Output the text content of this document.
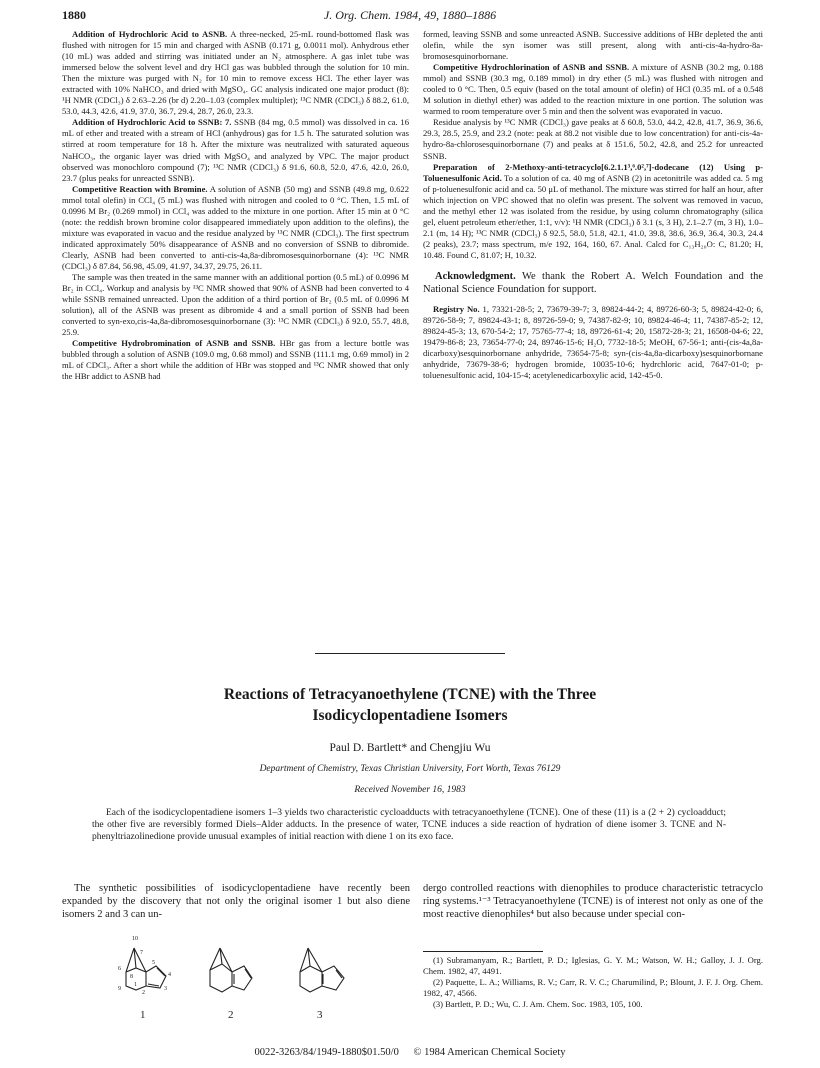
1880	J. Org. Chem. 1984, 49, 1880–1886

Addition of Hydrochloric Acid to ASNB. A three-necked, 25-mL round-bottomed flask was flushed with nitrogen for 15 min and charged with ASNB (0.171 g, 0.0011 mol). Anhydrous ether (10 mL) was added and stirring was initiated under an N₂ atmosphere. A gas inlet tube was immersed below the solvent level and dry HCl gas was bubbled through the solution for 10 min. Then the mixture was purged with N₂ for 10 min to remove excess HCl. The ether layer was extracted with 10% NaHCO₃ and dried with MgSO₄. GC analysis indicated one major product (8): ¹H NMR (CDCl₃) δ 2.63–2.26 (br d) 2.20–1.03 (complex multiplet); ¹³C NMR (CDCl₃) δ 88.2, 61.0, 53.0, 44.3, 42.6, 41.9, 37.0, 36.7, 29.4, 28.7, 26.0, 23.3.

Addition of Hydrochloric Acid to SSNB: 7. SSNB (84 mg, 0.5 mmol) was dissolved in ca. 16 mL of ether and treated with a stream of HCl (anhydrous) gas for 1.5 h. The saturated solution was stirred at room temperature for 18 h. After the mixture was neutralized with saturated aqueous NaHCO₃, the organic layer was dried with MgSO₄ and analyzed by VPC. The major product observed was monochloro compound (7); ¹³C NMR (CDCl₃) δ 91.6, 60.8, 52.0, 47.6, 42.0, 26.0, 23.7 (plus peaks for unreacted SSNB).

Competitive Reaction with Bromine. A solution of ASNB (50 mg) and SSNB (49.8 mg, 0.622 mmol total olefin) in CCl₄ (5 mL) was flushed with nitrogen and cooled to 0 °C. Then, 1.5 mL of 0.0996 M Br₂ (0.269 mmol) in CCl₄ was added to the mixture in one portion. After 15 min at 0 °C (note: the reddish brown bromine color disappeared immediately upon addition to the olefins), the mixture was evaporated in vacuo and the residue analyzed by ¹³C NMR (CDCl₃). The first spectrum indicated approximately 50% disappearance of ASNB and no conversion of SSNB to dibromide. Clearly, ASNB had been converted to anti-cis-4a,8a-dibromosesquinorbornane (4): ¹³C NMR (CDCl₃) δ 87.84, 56.98, 45.09, 41.97, 34.37, 29.75, 26.11.

The sample was then treated in the same manner with an additional portion (0.5 mL) of 0.0996 M Br₂ in CCl₄. Workup and analysis by ¹³C NMR showed that 90% of ASNB had been converted to 4 while SSNB remained unreacted. Upon the addition of a third portion of Br₂ (0.5 mL of 0.0996 M solution), all of the ASNB was present as dibromide 4 and a small portion of SSNB had been converted to syn-exo,cis-4a,8a-dibromosesquinorbornane (3): ¹³C NMR (CDCl₃) δ 92.0, 55.7, 48.8, 25.9.

Competitive Hydrobromination of ASNB and SSNB. HBr gas from a lecture bottle was bubbled through a solution of ASNB (109.0 mg, 0.68 mmol) and SSNB (111.1 mg, 0.69 mmol) in 2 mL of CDCl₃. After a short while the addition of HBr was stopped and ¹³C NMR showed that only the HBr addict to ASNB had

formed, leaving SSNB and some unreacted ASNB. Successive additions of HBr depleted the anti olefin, while the syn isomer was still present, along with anti-cis-4a-hydro-8a-bromosesquinorbornane.

Competitive Hydrochlorination of ASNB and SSNB. A mixture of ASNB (30.2 mg, 0.188 mmol) and SSNB (30.3 mg, 0.189 mmol) in dry ether (5 mL) was flushed with nitrogen and cooled to 0 °C. Then, 0.5 equiv (based on the total amount of olefin) of HCl (0.35 mL of a 0.548 M solution in diethyl ether) was added to the reaction mixture in one portion. The solution was warmed to room temperature over 5 min and then the solvent was evaporated in vacuo.

Residue analysis by ¹³C NMR (CDCl₃) gave peaks at δ 60.8, 53.0, 44.2, 42.8, 41.7, 36.9, 36.6, 29.3, 28.5, 25.9, and 23.2 (note: peak at 88.2 not visible due to low concentration) for anti-cis-4a-hydro-8a-chlorosesquinorbornane (7) and peaks at δ 151.6, 50.2, 42.8, and 25.2 for unreacted SSNB.

Preparation of 2-Methoxy-anti-tetracyclo[6.2.1.1³,⁶.0²,⁷]-dodecane (12) Using p-Toluenesulfonic Acid. To a solution of ca. 40 mg of ASNB (2) in acetonitrile was added ca. 5 mg of p-toluenesulfonic acid and ca. 50 μL of methanol. The mixture was stirred for half an hour, after which injection on VPC showed that no olefin was present. The solvent was removed in vacuo, and the methyl ether 12 was isolated from the residue, by using column chromatography (silica gel, eluent petroleum ether/ether, 1:1, v/v): ¹H NMR (CDCl₃) δ 3.1 (s, 3 H), 2.1–2.7 (m, 3 H), 1.0–2.1 (m, 14 H); ¹³C NMR (CDCl₃) δ 92.5, 58.0, 51.8, 42.1, 41.0, 39.8, 38.6, 36.9, 36.4, 30.3, 24.4 (2 peaks), 23.7; mass spectrum, m/e 192, 164, 160, 67. Anal. Calcd for C₁₃H₂₀O: C, 81.20; H, 10.48. Found C, 81.07; H, 10.32.

Acknowledgment. We thank the Robert A. Welch Foundation and the National Science Foundation for support.

Registry No. 1, 73321-28-5; 2, 73679-39-7; 3, 89824-44-2; 4, 89726-60-3; 5, 89824-42-0; 6, 89726-58-9; 7, 89824-43-1; 8, 89726-59-0; 9, 74387-82-9; 10, 89824-46-4; 11, 74387-85-2; 12, 89824-45-3; 13, 670-54-2; 17, 75765-77-4; 18, 89726-61-4; 20, 15872-28-3; 21, 16508-04-6; 22, 19479-86-8; 23, 73654-77-0; 24, 89746-15-6; H₂O, 7732-18-5; MeOH, 67-56-1; anti-(cis-4a,8a-dicarboxy)sesquinorbornane anhydride, 73654-75-8; syn-(cis-4a,8a-dicarboxy)sesquinorbornane anhydride, 73679-38-6; hydrogen bromide, 10035-10-6; hydrchloric acid, 7647-01-0; p-toluenesulfonic acid, 104-15-4; acetylenedicarboxylic acid, 142-45-0.

Reactions of Tetracyanoethylene (TCNE) with the Three
Isodicyclopentadiene Isomers
Paul D. Bartlett* and Chengjiu Wu
Department of Chemistry, Texas Christian University, Fort Worth, Texas 76129
Received November 16, 1983

Each of the isodicyclopentadiene isomers 1–3 yields two characteristic cycloadducts with tetracyanoethylene (TCNE). One of these (11) is a (2 + 2) cycloadduct; the other five are reversibly formed Diels–Alder adducts. In the presence of water, TCNE induces a side reaction of hydration of diene isomer 3. TCNE and N-phenyltriazolinedione provide unusual examples of initial reaction with diene 1 on its exo face.

The synthetic possibilities of isodicyclopentadiene have recently been expanded by the discovery that not only the original isomer 1 but also diene isomers 2 and 3 can un-

dergo controlled reactions with dienophiles to produce characteristic tetracyclo ring systems.¹⁻³ Tetracyanoethylene (TCNE) is of interest not only as one of the most reactive dienophiles⁴ but also because under special con-

10
7
6
5
8
9
1
2
3
4
1	2	3
(1) Subramanyam, R.; Bartlett, P. D.; Iglesias, G. Y. M.; Watson, W. H.; Galloy, J. J. Org. Chem. 1982, 47, 4491.
(2) Paquette, L. A.; Williams, R. V.; Carr, R. V. C.; Charumilind, P.; Blount, J. F. J. Org. Chem. 1982, 47, 4566.
(3) Bartlett, P. D.; Wu, C. J. Am. Chem. Soc. 1983, 105, 100.
0022-3263/84/1949-1880$01.50/0 © 1984 American Chemical Society
